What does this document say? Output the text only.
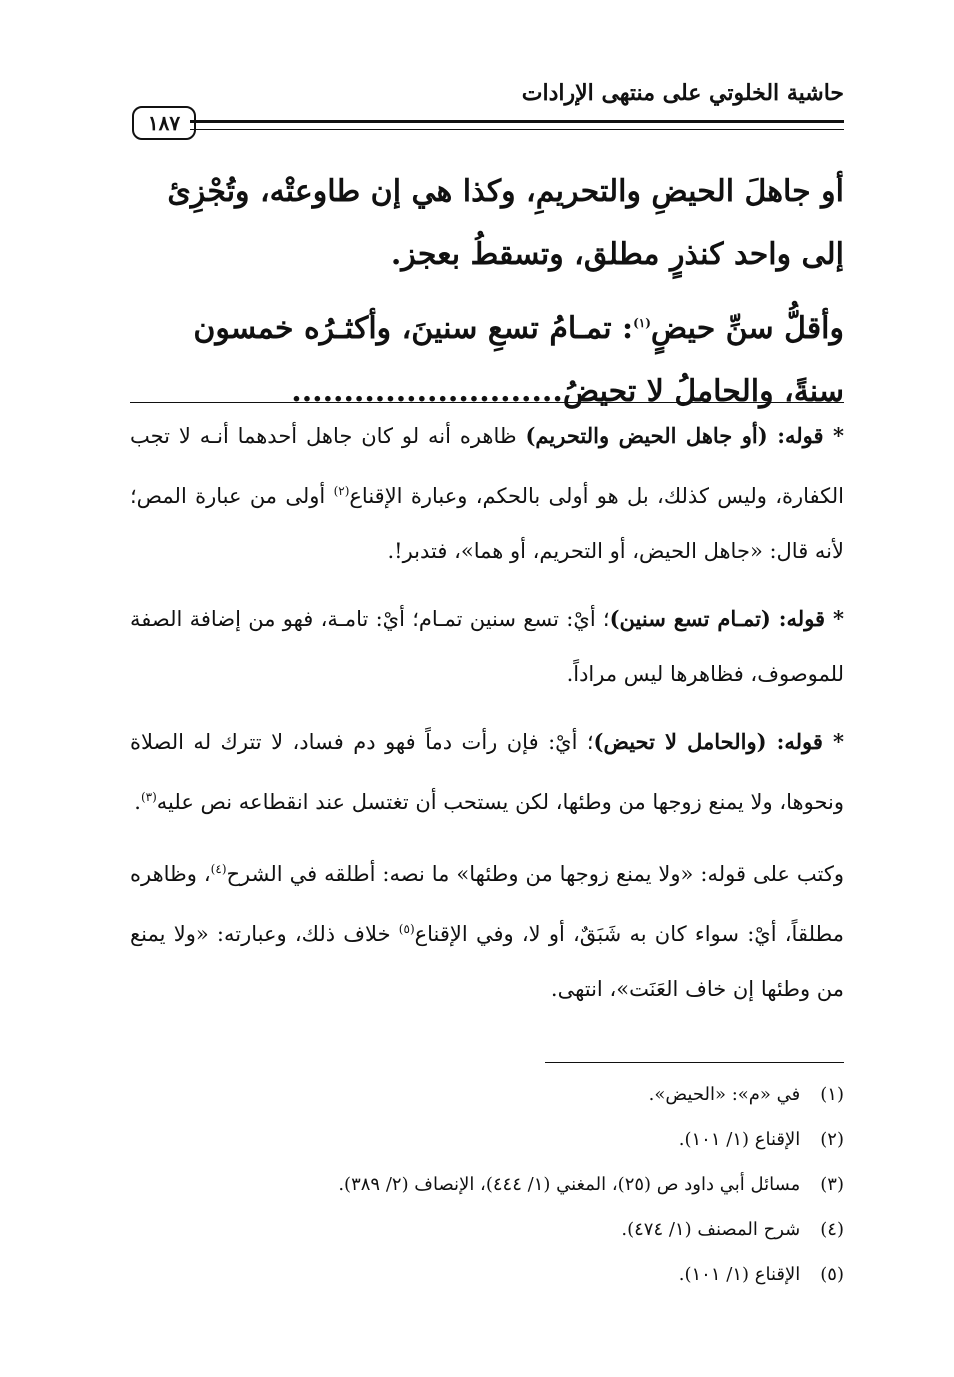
حاشية الخلوتي على منتهى الإرادات
١٨٧

أو جاهلَ الحيضِ والتحريمِ، وكذا هي إن طاوعتْه، وتُجْزِئ إلى واحد كنذرٍ مطلق، وتسقطُ بعجز.

وأقلُّ سنِّ حيضٍ$^{(١)}$: تمـامُ تسعِ سنينَ، وأكثـرُه خمسون سنةً، والحاملُ لا تحيضُ..........................

* قوله: (أو جاهل الحيض والتحريم) ظاهره أنه لو كان جاهل أحدهما أنـه لا تجب الكفارة، وليس كذلك، بل هو أولى بالحكم، وعبارة الإقناع$^{(٢)}$ أولى من عبارة المص؛ لأنه قال: «جاهل الحيض، أو التحريم، أو هما»، فتدبر!.

* قوله: (تمـام تسع سنين)؛ أيْ: تسع سنين تمـام؛ أيْ: تامـة، فهو من إضافة الصفة للموصوف، فظاهرها ليس مراداً.

* قوله: (والحامل لا تحيض)؛ أيْ: فإن رأت دماً فهو دم فساد، لا تترك له الصلاة ونحوها، ولا يمنع زوجها من وطئها، لكن يستحب أن تغتسل عند انقطاعه نص عليه$^{(٣)}$.

وكتب على قوله: «ولا يمنع زوجها من وطئها» ما نصه: أطلقه في الشرح$^{(٤)}$، وظاهره مطلقاً، أيْ: سواء كان به شَبَقٌ، أو لا، وفي الإقناع$^{(٥)}$ خلاف ذلك، وعبارته: «ولا يمنع من وطئها إن خاف العَنَت»، انتهى.

(١) في «م»: «الحيض».
(٢) الإقناع (١/ ١٠١).
(٣) مسائل أبي داود ص (٢٥)، المغني (١/ ٤٤٤)، الإنصاف (٢/ ٣٨٩).
(٤) شرح المصنف (١/ ٤٧٤).
(٥) الإقناع (١/ ١٠١).
